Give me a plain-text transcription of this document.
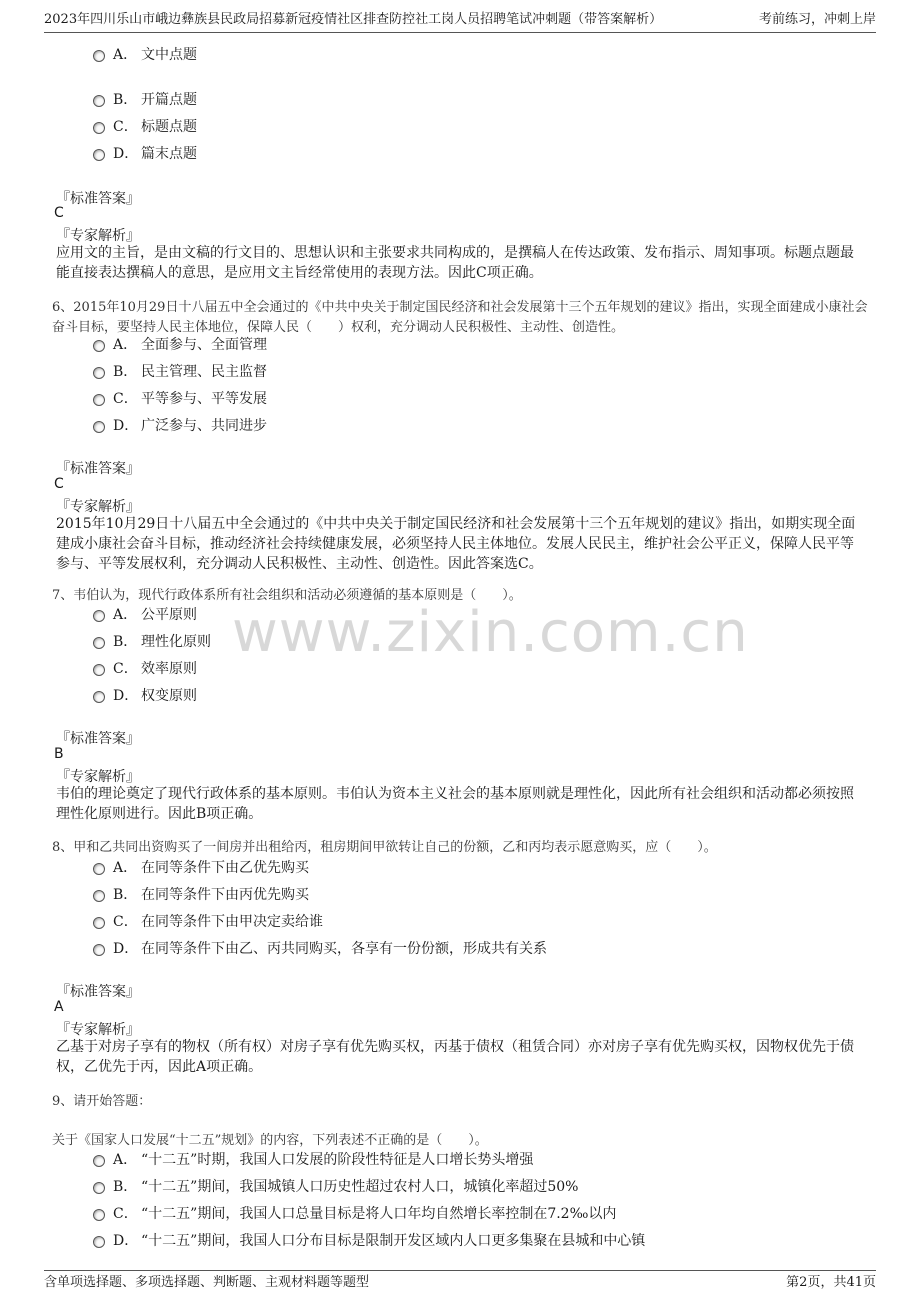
2023年四川乐山市峨边彝族县民政局招募新冠疫情社区排查防控社工岗人员招聘笔试冲刺题（带答案解析）	考前练习，冲刺上岸
www.zixin.com.cn
A． 文中点题
B． 开篇点题
C． 标题点题
D． 篇末点题
『标准答案』
C
『专家解析』
应用文的主旨，是由文稿的行文目的、思想认识和主张要求共同构成的，是撰稿人在传达政策、发布指示、周知事项。标题点题最能直接表达撰稿人的意思，是应用文主旨经常使用的表现方法。因此C项正确。
6、2015年10月29日十八届五中全会通过的《中共中央关于制定国民经济和社会发展第十三个五年规划的建议》指出，实现全面建成小康社会
奋斗目标，要坚持人民主体地位，保障人民（　　）权利，充分调动人民积极性、主动性、创造性。
A． 全面参与、全面管理
B． 民主管理、民主监督
C． 平等参与、平等发展
D． 广泛参与、共同进步
『标准答案』
C
『专家解析』
2015年10月29日十八届五中全会通过的《中共中央关于制定国民经济和社会发展第十三个五年规划的建议》指出，如期实现全面建成小康社会奋斗目标，推动经济社会持续健康发展，必须坚持人民主体地位。发展人民民主，维护社会公平正义，保障人民平等参与、平等发展权利，充分调动人民积极性、主动性、创造性。因此答案选C。
7、韦伯认为，现代行政体系所有社会组织和活动必须遵循的基本原则是（　　）。
A． 公平原则
B． 理性化原则
C． 效率原则
D． 权变原则
『标准答案』
B
『专家解析』
韦伯的理论奠定了现代行政体系的基本原则。韦伯认为资本主义社会的基本原则就是理性化，因此所有社会组织和活动都必须按照理性化原则进行。因此B项正确。
8、甲和乙共同出资购买了一间房并出租给丙，租房期间甲欲转让自己的份额，乙和丙均表示愿意购买，应（　　）。
A． 在同等条件下由乙优先购买
B． 在同等条件下由丙优先购买
C． 在同等条件下由甲决定卖给谁
D． 在同等条件下由乙、丙共同购买，各享有一份份额，形成共有关系
『标准答案』
A
『专家解析』
乙基于对房子享有的物权（所有权）对房子享有优先购买权，丙基于债权（租赁合同）亦对房子享有优先购买权，因物权优先于债权，乙优先于丙，因此A项正确。
9、请开始答题：
关于《国家人口发展“十二五”规划》的内容，下列表述不正确的是（　　）。
A． “十二五”时期，我国人口发展的阶段性特征是人口增长势头增强
B． “十二五”期间，我国城镇人口历史性超过农村人口，城镇化率超过50%
C． “十二五”期间，我国人口总量目标是将人口年均自然增长率控制在7.2‰以内
D． “十二五”期间，我国人口分布目标是限制开发区域内人口更多集聚在县城和中心镇
含单项选择题、多项选择题、判断题、主观材料题等题型	第2页，共41页
